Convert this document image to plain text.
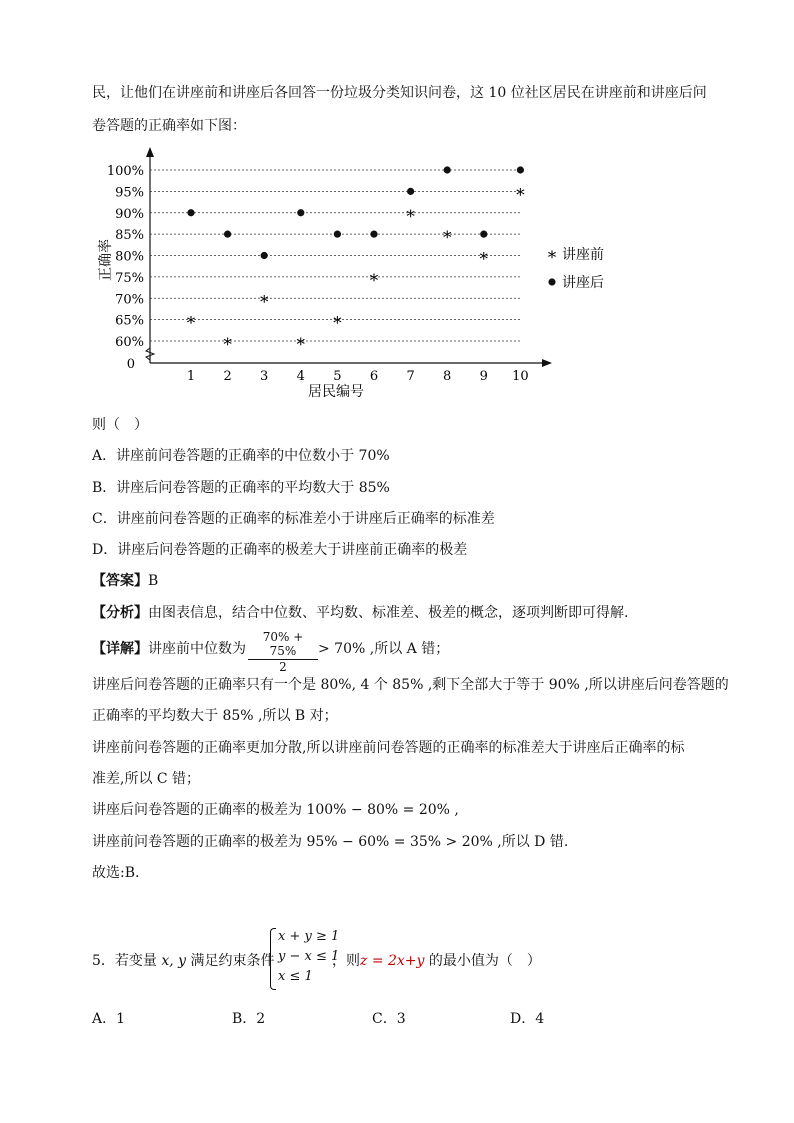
民，让他们在讲座前和讲座后各回答一份垃圾分类知识问卷，这 10 位社区居民在讲座前和讲座后问
卷答题的正确率如下图：
0
60%
65%
70%
75%
80%
85%
90%
95%
100%
1 2 3 4 5 6 7 8 9 10
居民编号
正确率
*
*
*
*
*
*
*
*
*
*
* 讲座前
讲座后
则（　）
A．讲座前问卷答题的正确率的中位数小于 70%
B．讲座后问卷答题的正确率的平均数大于 85%
C．讲座前问卷答题的正确率的标准差小于讲座后正确率的标准差
D．讲座后问卷答题的正确率的极差大于讲座前正确率的极差
【答案】B
【分析】由图表信息，结合中位数、平均数、标准差、极差的概念，逐项判断即可得解.
【详解】讲座前中位数为 $\frac{70\% + 75\%}{2} > 70\%$ ,所以 A 错；
讲座后问卷答题的正确率只有一个是 80%, 4 个 85% ,剩下全部大于等于 90% ,所以讲座后问卷答题的
正确率的平均数大于 85% ,所以 B 对；
讲座前问卷答题的正确率更加分散,所以讲座前问卷答题的正确率的标准差大于讲座后正确率的标
准差,所以 C 错；
讲座后问卷答题的正确率的极差为 100% − 80% = 20% ,
讲座前问卷答题的正确率的极差为 95% − 60% = 35% > 20% ,所以 D 错.
故选:B.
5．若变量 x, y 满足约束条件
x + y ≥ 1
y − x ≤ 1
x ≤ 1
，则z = 2x+y 的最小值为（　）
A．1	B．2	C．3	D．4
